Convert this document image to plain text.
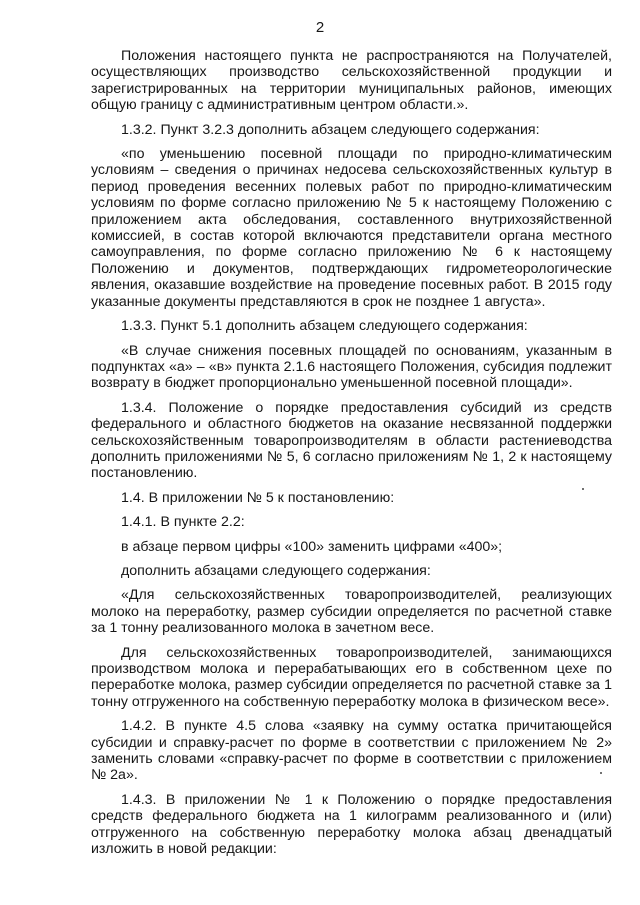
2

Положения настоящего пункта не распространяются на Получателей, осуществляющих производство сельскохозяйственной продукции и зарегистрированных на территории муниципальных районов, имеющих общую границу с административным центром области.».

1.3.2. Пункт 3.2.3 дополнить абзацем следующего содержания:

«по уменьшению посевной площади по природно-климатическим условиям – сведения о причинах недосева сельскохозяйственных культур в период проведения весенних полевых работ по природно-климатическим условиям по форме согласно приложению № 5 к настоящему Положению с приложением акта обследования, составленного внутрихозяйственной комиссией, в состав которой включаются представители органа местного самоуправления, по форме согласно приложению № 6 к настоящему Положению и документов, подтверждающих гидрометеорологические явления, оказавшие воздействие на проведение посевных работ. В 2015 году указанные документы представляются в срок не позднее 1 августа».

1.3.3. Пункт 5.1 дополнить абзацем следующего содержания:

«В случае снижения посевных площадей по основаниям, указанным в подпунктах «а» – «в» пункта 2.1.6 настоящего Положения, субсидия подлежит возврату в бюджет пропорционально уменьшенной посевной площади».

1.3.4. Положение о порядке предоставления субсидий из средств федерального и областного бюджетов на оказание несвязанной поддержки сельскохозяйственным товаропроизводителям в области растениеводства дополнить приложениями № 5, 6 согласно приложениям № 1, 2 к настоящему постановлению.

1.4. В приложении № 5 к постановлению:

1.4.1. В пункте 2.2:

в абзаце первом цифры «100» заменить цифрами «400»;

дополнить абзацами следующего содержания:

«Для сельскохозяйственных товаропроизводителей, реализующих молоко на переработку, размер субсидии определяется по расчетной ставке за 1 тонну реализованного молока в зачетном весе.

Для сельскохозяйственных товаропроизводителей, занимающихся производством молока и перерабатывающих его в собственном цехе по переработке молока, размер субсидии определяется по расчетной ставке за 1 тонну отгруженного на собственную переработку молока в физическом весе».

1.4.2. В пункте 4.5 слова «заявку на сумму остатка причитающейся субсидии и справку-расчет по форме в соответствии с приложением № 2» заменить словами «справку-расчет по форме в соответствии с приложением № 2а».

1.4.3. В приложении № 1 к Положению о порядке предоставления средств федерального бюджета на 1 килограмм реализованного и (или) отгруженного на собственную переработку молока абзац двенадцатый изложить в новой редакции:
